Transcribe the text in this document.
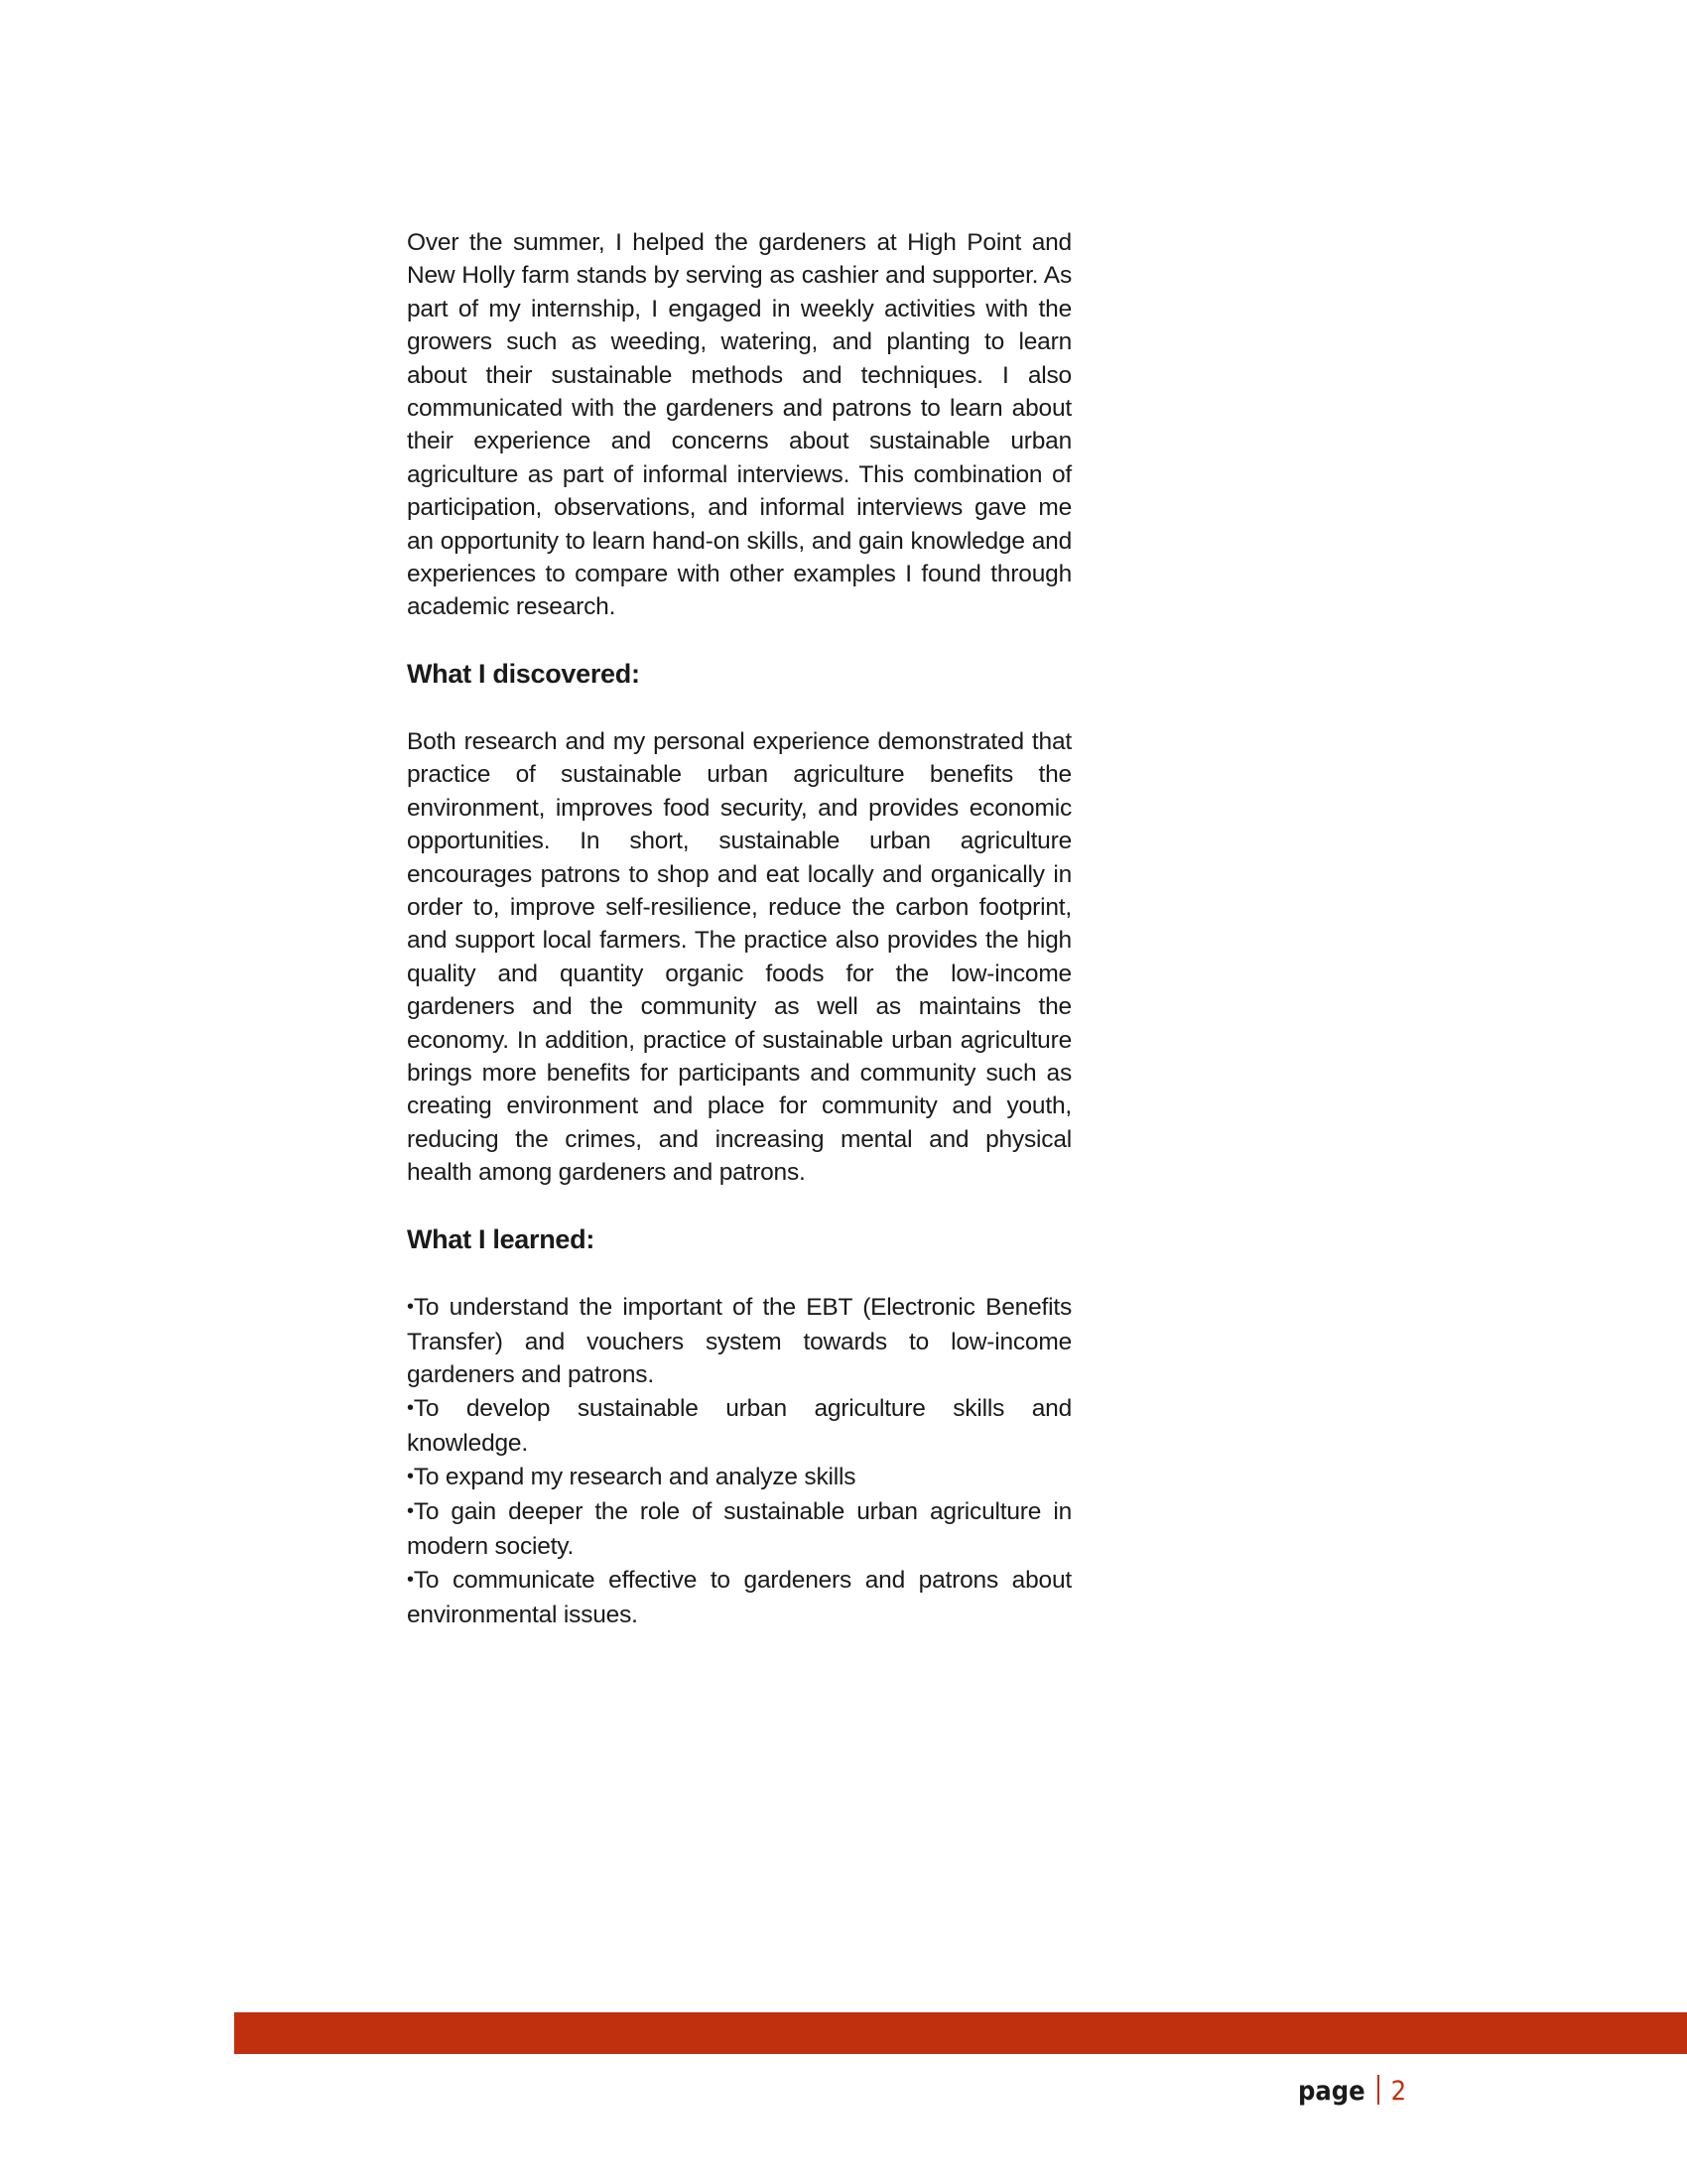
Over the summer, I helped the gardeners at High Point and New Holly farm stands by serving as cashier and supporter. As part of my internship, I engaged in weekly activities with the growers such as weeding, watering, and planting to learn about their sustainable methods and techniques. I also communicated with the gardeners and patrons to learn about their experience and concerns about sustainable urban agriculture as part of informal interviews. This combination of participation, observations, and informal interviews gave me an opportunity to learn hand-on skills, and gain knowledge and experiences to compare with other examples I found through academic research.

What I discovered:

Both research and my personal experience demonstrated that practice of sustainable urban agriculture benefits the environment, improves food security, and provides economic opportunities. In short, sustainable urban agriculture encourages patrons to shop and eat locally and organically in order to, improve self-resilience, reduce the carbon footprint, and support local farmers. The practice also provides the high quality and quantity organic foods for the low-income gardeners and the community as well as maintains the economy. In addition, practice of sustainable urban agriculture brings more benefits for participants and community such as creating environment and place for community and youth, reducing the crimes, and increasing mental and physical health among gardeners and patrons.

What I learned:
•To understand the important of the EBT (Electronic Benefits Transfer) and vouchers system towards to low-income gardeners and patrons.
•To develop sustainable urban agriculture skills and knowledge.
•To expand my research and analyze skills
•To gain deeper the role of sustainable urban agriculture in modern society.
•To communicate effective to gardeners and patrons about environmental issues.
page 2
